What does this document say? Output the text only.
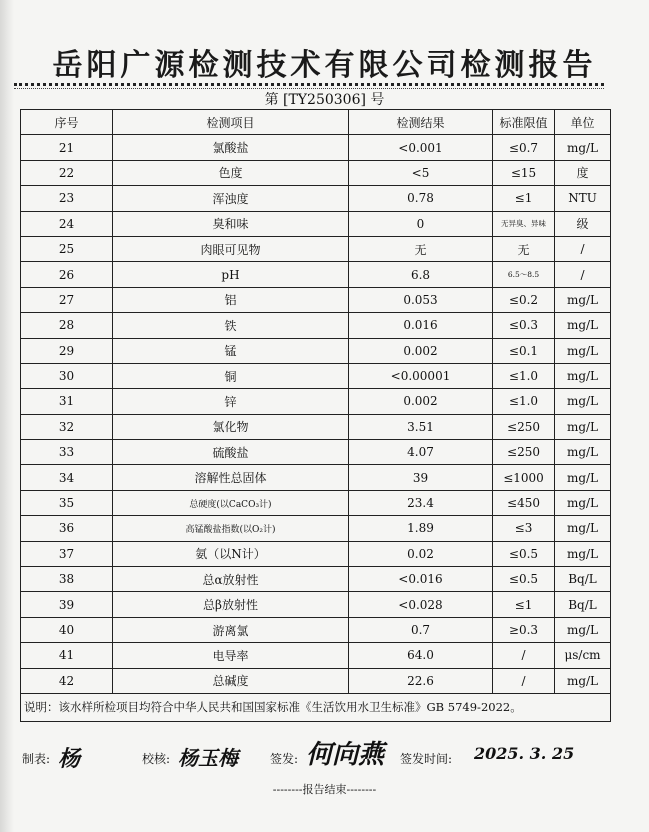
岳阳广源检测技术有限公司检测报告
第 [TY250306] 号
序号	检测项目	检测结果	标准限值	单位
21	氯酸盐	<0.001	≤0.7	mg/L
22	色度	<5	≤15	度
23	浑浊度	0.78	≤1	NTU
24	臭和味	0	无异臭、异味	级
25	肉眼可见物	无	无	/
26	pH	6.8	6.5～8.5	/
27	铝	0.053	≤0.2	mg/L
28	铁	0.016	≤0.3	mg/L
29	锰	0.002	≤0.1	mg/L
30	铜	<0.00001	≤1.0	mg/L
31	锌	0.002	≤1.0	mg/L
32	氯化物	3.51	≤250	mg/L
33	硫酸盐	4.07	≤250	mg/L
34	溶解性总固体	39	≤1000	mg/L
35	总硬度(以CaCO₃计)	23.4	≤450	mg/L
36	高锰酸盐指数(以O₂计)	1.89	≤3	mg/L
37	氨（以N计）	0.02	≤0.5	mg/L
38	总α放射性	<0.016	≤0.5	Bq/L
39	总β放射性	<0.028	≤1	Bq/L
40	游离氯	0.7	≥0.3	mg/L
41	电导率	64.0	/	μs/cm
42	总碱度	22.6	/	mg/L
说明：该水样所检项目均符合中华人民共和国国家标准《生活饮用水卫生标准》GB 5749-2022。				
制表: 杨	校核: 杨玉梅	签发: 何向燕 签发时间: 2025. 3. 25
--------报告结束--------
